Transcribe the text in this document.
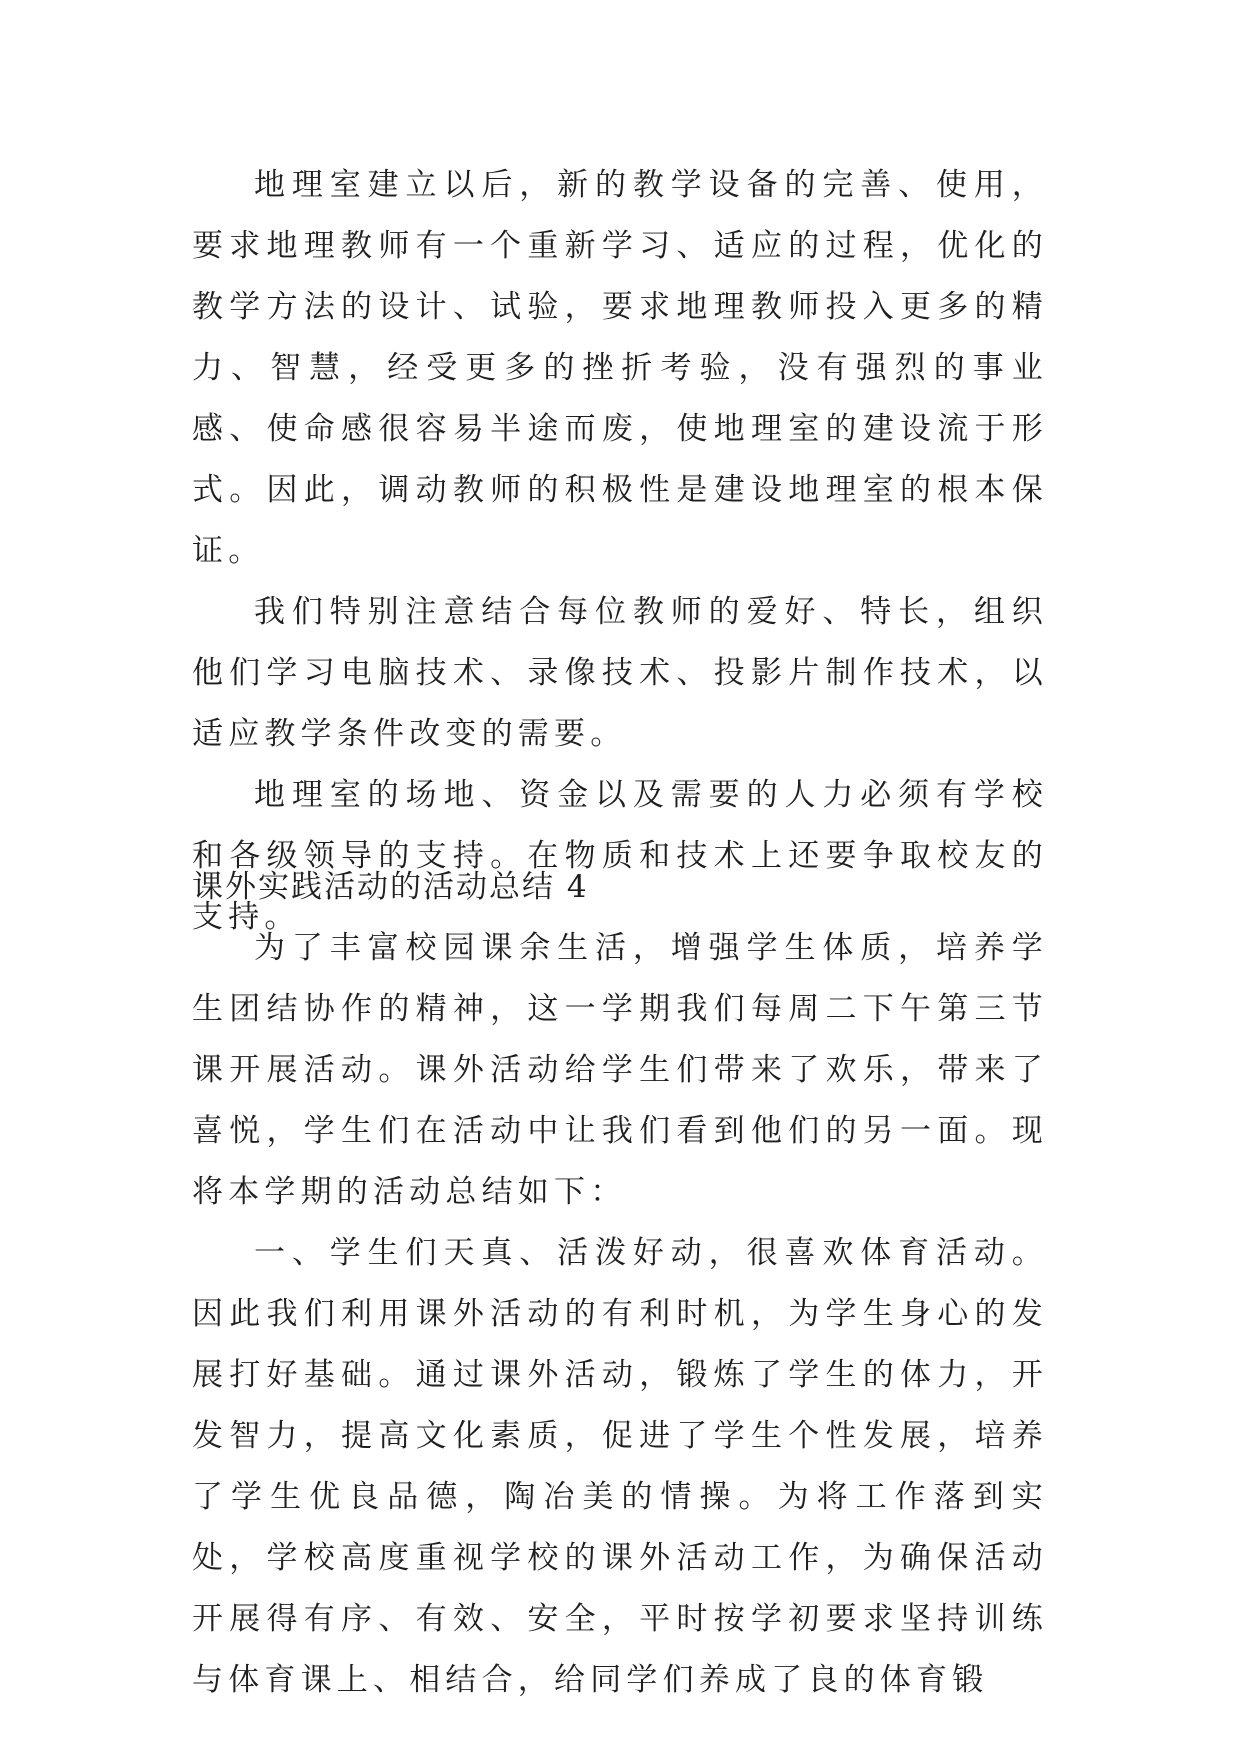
地理室建立以后，新的教学设备的完善、使用，要求地理教师有一个重新学习、适应的过程，优化的教学方法的设计、试验，要求地理教师投入更多的精力、智慧，经受更多的挫折考验，没有强烈的事业感、使命感很容易半途而废，使地理室的建设流于形式。因此，调动教师的积极性是建设地理室的根本保证。

我们特别注意结合每位教师的爱好、特长，组织他们学习电脑技术、录像技术、投影片制作技术，以适应教学条件改变的需要。

地理室的场地、资金以及需要的人力必须有学校和各级领导的支持。在物质和技术上还要争取校友的支持。

课外实践活动的活动总结 4

为了丰富校园课余生活，增强学生体质，培养学生团结协作的精神，这一学期我们每周二下午第三节课开展活动。课外活动给学生们带来了欢乐，带来了喜悦，学生们在活动中让我们看到他们的另一面。现将本学期的活动总结如下：

一、学生们天真、活泼好动，很喜欢体育活动。因此我们利用课外活动的有利时机，为学生身心的发展打好基础。通过课外活动，锻炼了学生的体力，开发智力，提高文化素质，促进了学生个性发展，培养了学生优良品德，陶冶美的情操。为将工作落到实处，学校高度重视学校的课外活动工作，为确保活动开展得有序、有效、安全，平时按学初要求坚持训练与体育课上、相结合，给同学们养成了良的体育锻
